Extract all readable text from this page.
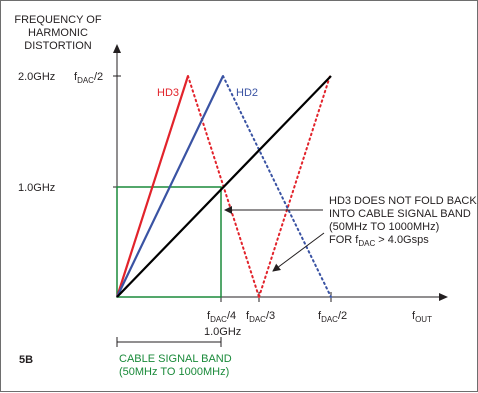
FREQUENCY OF
HARMONIC
DISTORTION
2.0GHz
1.0GHz
$f_{DAC}/2$
HD3	HD2
HD3 DOES NOT FOLD BACK
INTO CABLE SIGNAL BAND
(50MHz TO 1000MHz)
FOR $f_{DAC}$ > 4.0Gsps
$f_{DAC}/4$ $f_{DAC}/3$	$f_{DAC}/2$	$f_{OUT}$
1.0GHz
5B	CABLE SIGNAL BAND
(50MHz TO 1000MHz)
